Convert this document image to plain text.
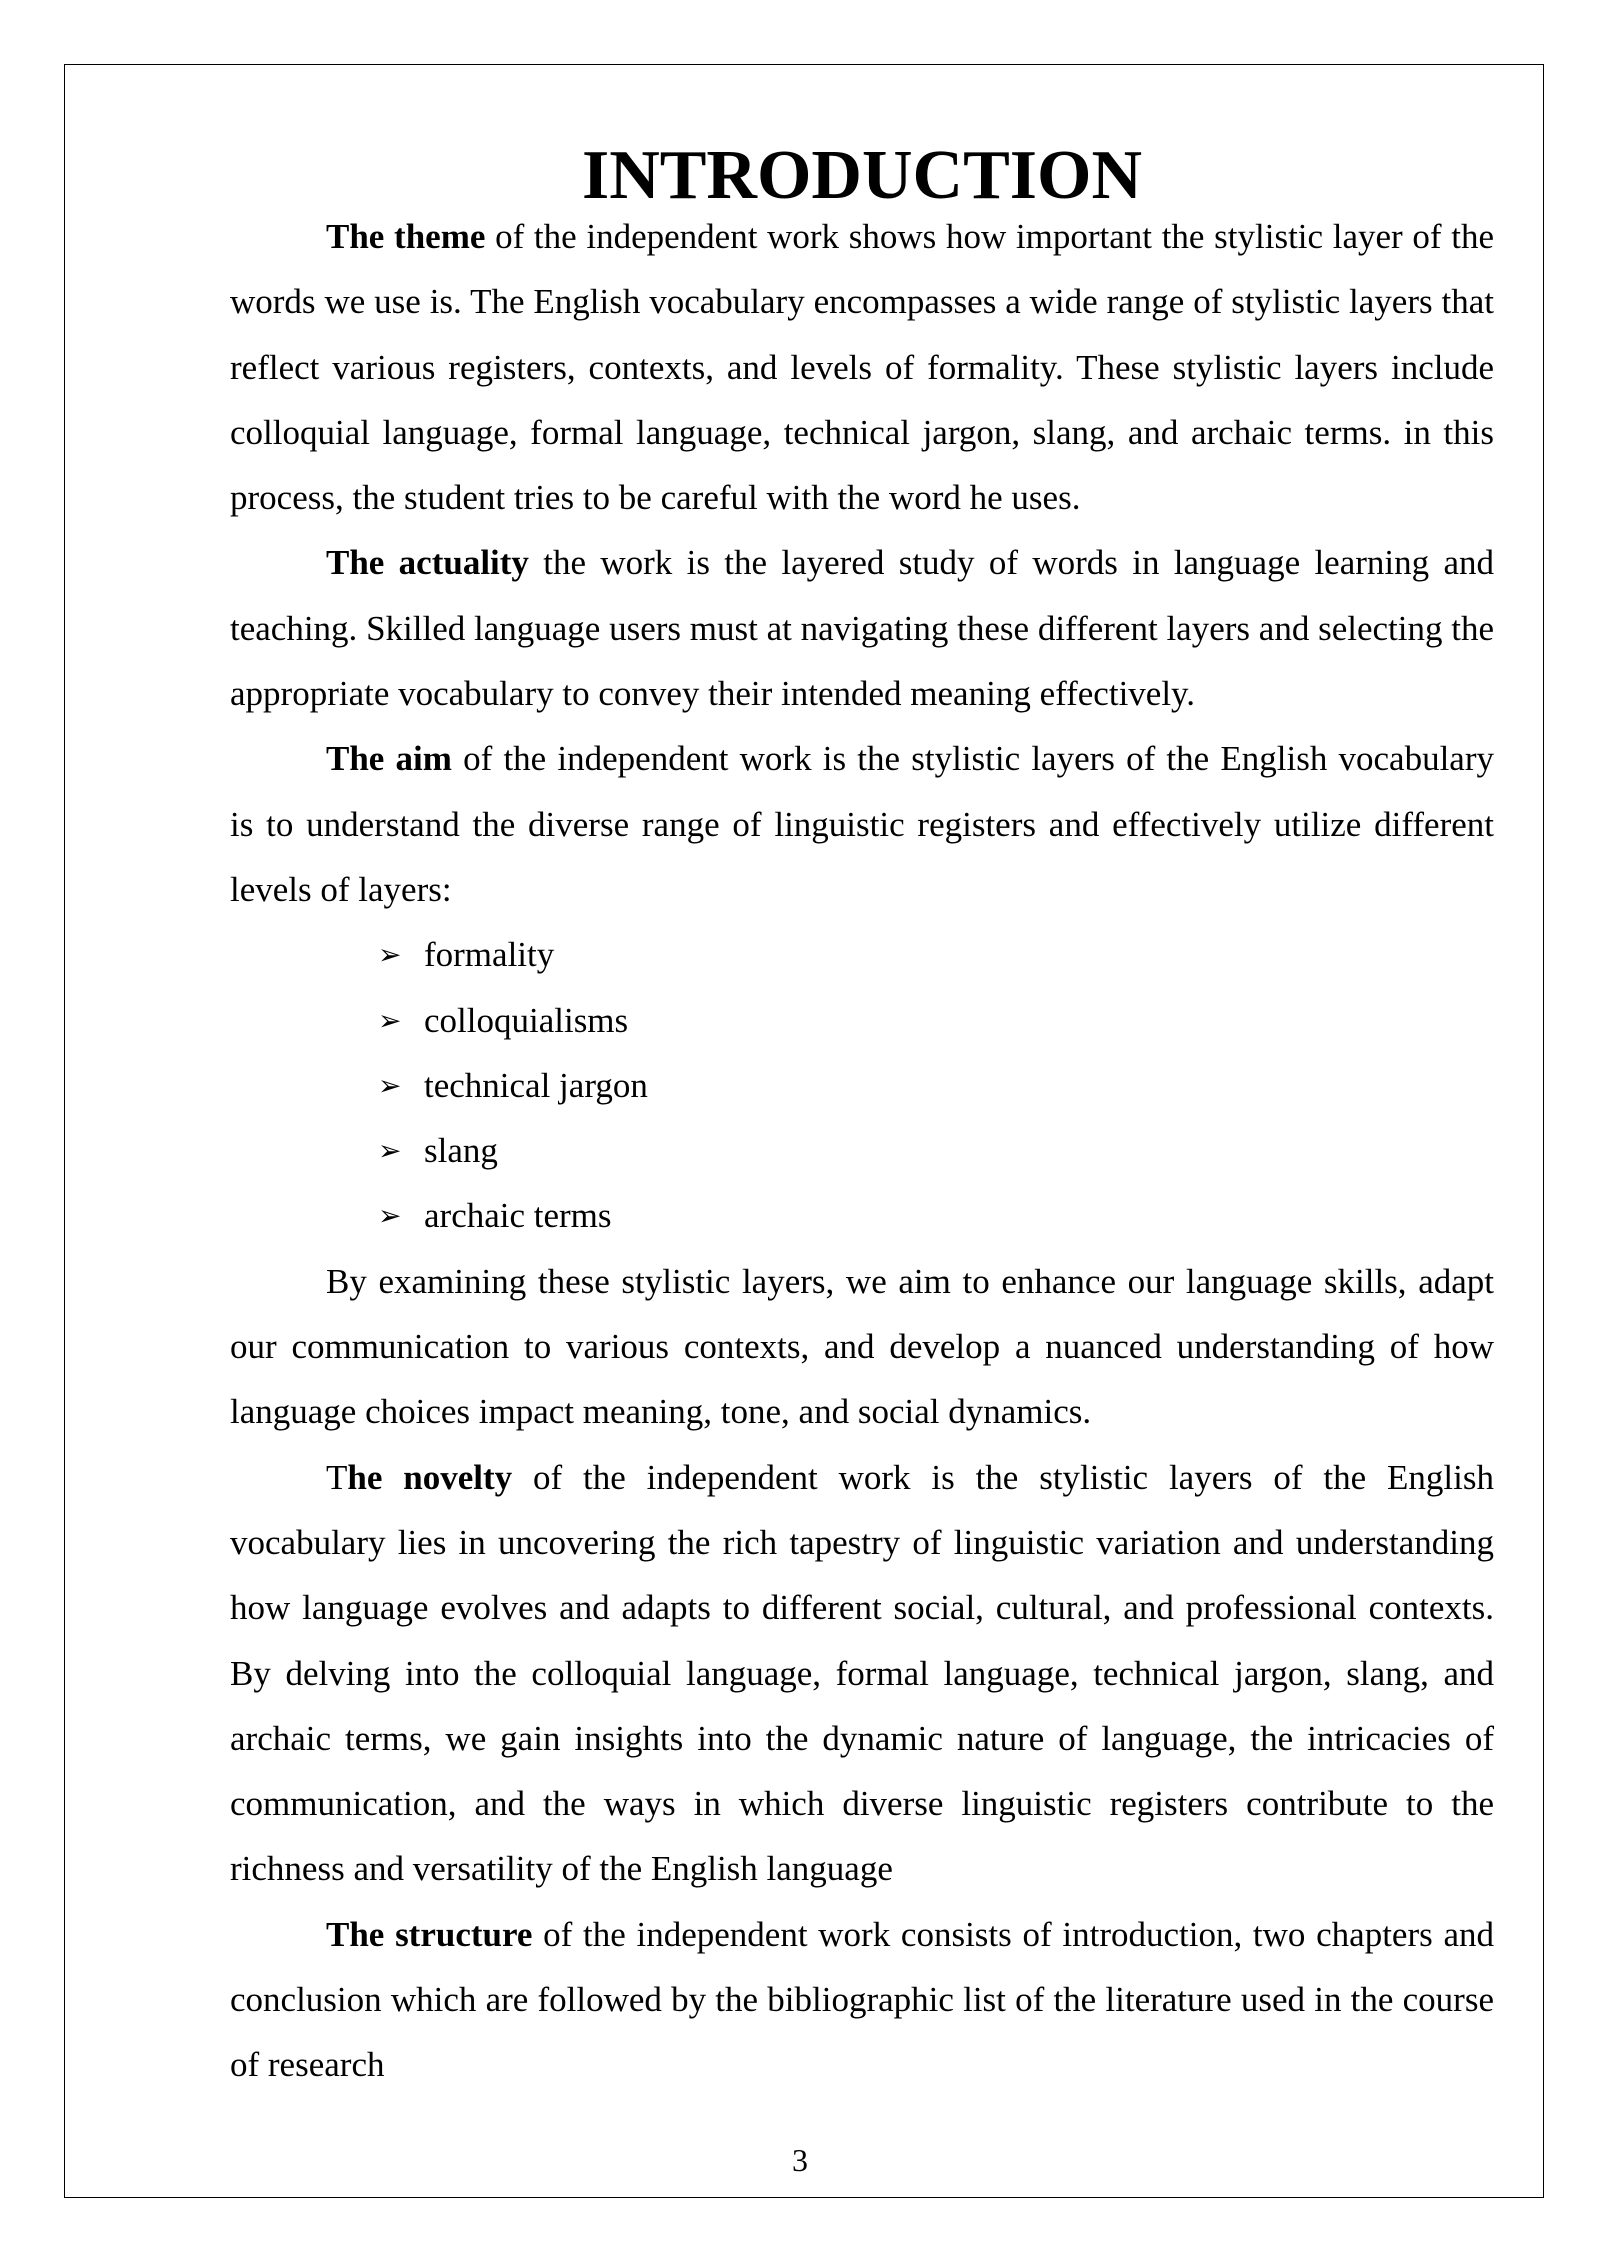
INTRODUCTION

The theme of the independent work shows how important the stylistic layer of the words we use is. The English vocabulary encompasses a wide range of stylistic layers that reflect various registers, contexts, and levels of formality. These stylistic layers include colloquial language, formal language, technical jargon, slang, and archaic terms. in this process, the student tries to be careful with the word he uses.

The actuality the work is the layered study of words in language learning and teaching. Skilled language users must at navigating these different layers and selecting the appropriate vocabulary to convey their intended meaning effectively.

The aim of the independent work is the stylistic layers of the English vocabulary is to understand the diverse range of linguistic registers and effectively utilize different levels of layers:

➢ formality
➢ colloquialisms
➢ technical jargon
➢ slang
➢ archaic terms

By examining these stylistic layers, we aim to enhance our language skills, adapt our communication to various contexts, and develop a nuanced understanding of how language choices impact meaning, tone, and social dynamics.

The novelty of the independent work is the stylistic layers of the English vocabulary lies in uncovering the rich tapestry of linguistic variation and understanding how language evolves and adapts to different social, cultural, and professional contexts. By delving into the colloquial language, formal language, technical jargon, slang, and archaic terms, we gain insights into the dynamic nature of language, the intricacies of communication, and the ways in which diverse linguistic registers contribute to the richness and versatility of the English language

The structure of the independent work consists of introduction, two chapters and conclusion which are followed by the bibliographic list of the literature used in the course of research

3
